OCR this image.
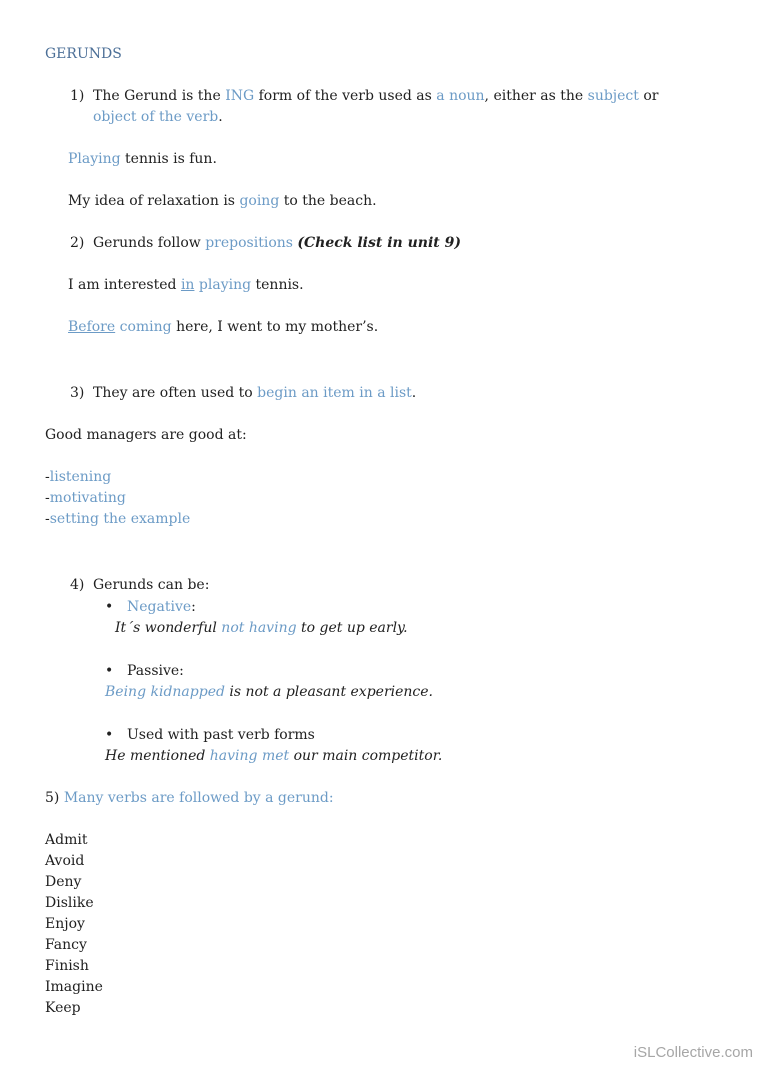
GERUNDS
1) The Gerund is the ING form of the verb used as a noun, either as the subject or
object of the verb.
Playing tennis is fun.
My idea of relaxation is going to the beach.
2) Gerunds follow prepositions (Check list in unit 9)
I am interested in playing tennis.
Before coming here, I went to my mother’s.
3) They are often used to begin an item in a list.
Good managers are good at:
-listening
-motivating
-setting the example
4) Gerunds can be:
• Negative:
It´s wonderful not having to get up early.
• Passive:
Being kidnapped is not a pleasant experience.
• Used with past verb forms
He mentioned having met our main competitor.
5) Many verbs are followed by a gerund:
Admit
Avoid
Deny
Dislike
Enjoy
Fancy
Finish
Imagine
Keep
iSLCollective.com
